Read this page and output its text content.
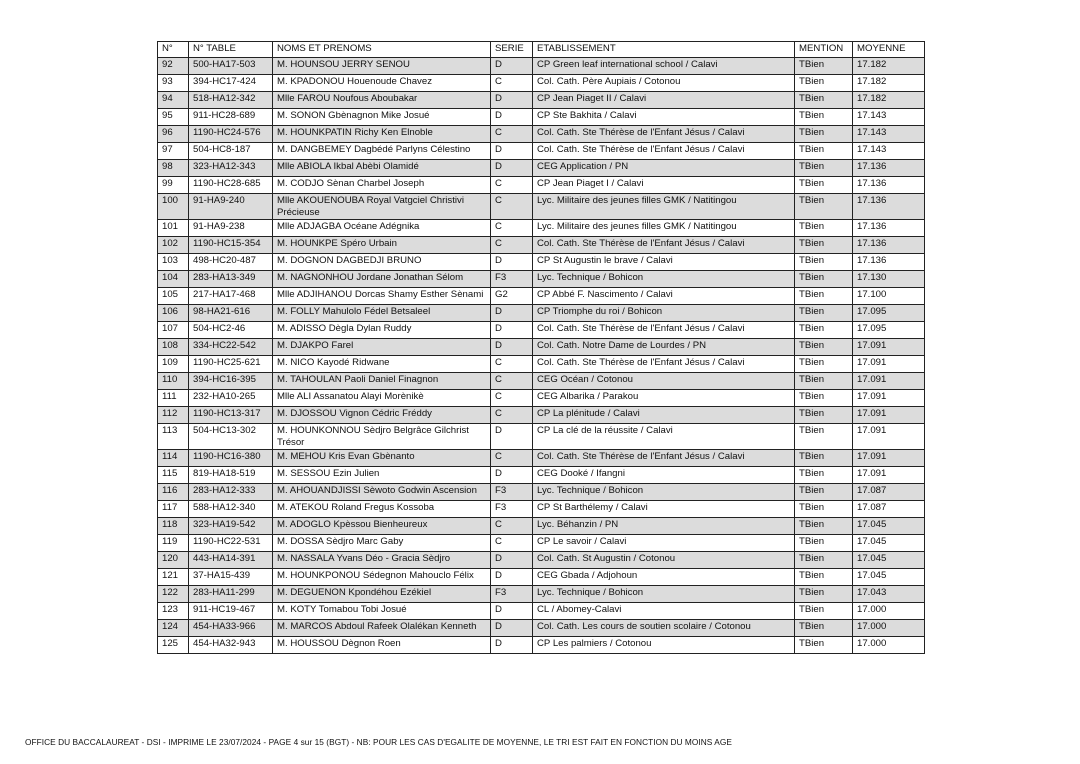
N°	N° TABLE	NOMS ET PRENOMS	SERIE	ETABLISSEMENT	MENTION	MOYENNE
92	500-HA17-503	M. HOUNSOU JERRY SENOU	D	CP Green leaf international school / Calavi	TBien	17.182
93	394-HC17-424	M. KPADONOU Houenoude Chavez	C	Col. Cath. Père Aupiais / Cotonou	TBien	17.182
94	518-HA12-342	Mlle FAROU Noufous Aboubakar	D	CP Jean Piaget II / Calavi	TBien	17.182
95	911-HC28-689	M. SONON Gbènagnon Mike Josué	D	CP Ste Bakhita / Calavi	TBien	17.143
96	1190-HC24-576	M. HOUNKPATIN Richy Ken Elnoble	C	Col. Cath. Ste Thérèse de l'Enfant Jésus / Calavi	TBien	17.143
97	504-HC8-187	M. DANGBEMEY Dagbédé Parlyns Célestino	D	Col. Cath. Ste Thérèse de l'Enfant Jésus / Calavi	TBien	17.143
98	323-HA12-343	Mlle ABIOLA Ikbal Abèbi Olamidé	D	CEG Application / PN	TBien	17.136
99	1190-HC28-685	M. CODJO Sènan Charbel Joseph	C	CP Jean Piaget I / Calavi	TBien	17.136
100	91-HA9-240	Mlle AKOUENOUBA Royal Vatgciel Christivi Précieuse	C	Lyc. Militaire des jeunes filles GMK / Natitingou	TBien	17.136
101	91-HA9-238	Mlle ADJAGBA Océane Adégnika	C	Lyc. Militaire des jeunes filles GMK / Natitingou	TBien	17.136
102	1190-HC15-354	M. HOUNKPE Spéro Urbain	C	Col. Cath. Ste Thérèse de l'Enfant Jésus / Calavi	TBien	17.136
103	498-HC20-487	M. DOGNON DAGBEDJI BRUNO	D	CP St Augustin le brave / Calavi	TBien	17.136
104	283-HA13-349	M. NAGNONHOU Jordane Jonathan Sélom	F3	Lyc. Technique / Bohicon	TBien	17.130
105	217-HA17-468	Mlle ADJIHANOU Dorcas Shamy Esther Sènami	G2	CP Abbé F. Nascimento / Calavi	TBien	17.100
106	98-HA21-616	M. FOLLY Mahulolo Fédel Betsaleel	D	CP Triomphe du roi / Bohicon	TBien	17.095
107	504-HC2-46	M. ADISSO Dègla Dylan Ruddy	D	Col. Cath. Ste Thérèse de l'Enfant Jésus / Calavi	TBien	17.095
108	334-HC22-542	M. DJAKPO Farel	D	Col. Cath. Notre Dame de Lourdes / PN	TBien	17.091
109	1190-HC25-621	M. NICO Kayodé Ridwane	C	Col. Cath. Ste Thérèse de l'Enfant Jésus / Calavi	TBien	17.091
110	394-HC16-395	M. TAHOULAN Paoli Daniel Finagnon	C	CEG Océan / Cotonou	TBien	17.091
111	232-HA10-265	Mlle ALI Assanatou Alayi Morènikè	C	CEG Albarika / Parakou	TBien	17.091
112	1190-HC13-317	M. DJOSSOU Vignon Cédric Fréddy	C	CP La plénitude / Calavi	TBien	17.091
113	504-HC13-302	M. HOUNKONNOU Sèdjro Belgrâce Gilchrist Trésor	D	CP La clé de la réussite / Calavi	TBien	17.091
114	1190-HC16-380	M. MEHOU Kris Evan Gbènanto	C	Col. Cath. Ste Thérèse de l'Enfant Jésus / Calavi	TBien	17.091
115	819-HA18-519	M. SESSOU Ezin Julien	D	CEG Dooké / Ifangni	TBien	17.091
116	283-HA12-333	M. AHOUANDJISSI Sèwoto Godwin Ascension	F3	Lyc. Technique / Bohicon	TBien	17.087
117	588-HA12-340	M. ATEKOU Roland Fregus Kossoba	F3	CP St Barthélemy / Calavi	TBien	17.087
118	323-HA19-542	M. ADOGLO Kpèssou Bienheureux	C	Lyc. Béhanzin / PN	TBien	17.045
119	1190-HC22-531	M. DOSSA Sèdjro Marc Gaby	C	CP Le savoir / Calavi	TBien	17.045
120	443-HA14-391	M. NASSALA Yvans Déo - Gracia Sèdjro	D	Col. Cath. St Augustin / Cotonou	TBien	17.045
121	37-HA15-439	M. HOUNKPONOU Sédegnon Mahouclo Félix	D	CEG Gbada / Adjohoun	TBien	17.045
122	283-HA11-299	M. DEGUENON Kpondéhou Ezékiel	F3	Lyc. Technique / Bohicon	TBien	17.043
123	911-HC19-467	M. KOTY Tomabou Tobi Josué	D	CL / Abomey-Calavi	TBien	17.000
124	454-HA33-966	M. MARCOS Abdoul Rafeek Olalékan Kenneth	D	Col. Cath. Les cours de soutien scolaire / Cotonou	TBien	17.000
125	454-HA32-943	M. HOUSSOU Dègnon Roen	D	CP Les palmiers / Cotonou	TBien	17.000
OFFICE DU BACCALAUREAT - DSI - IMPRIME LE 23/07/2024 - PAGE 4 sur 15 (BGT) - NB: POUR LES CAS D'EGALITE DE MOYENNE, LE TRI EST FAIT EN FONCTION DU MOINS AGE
